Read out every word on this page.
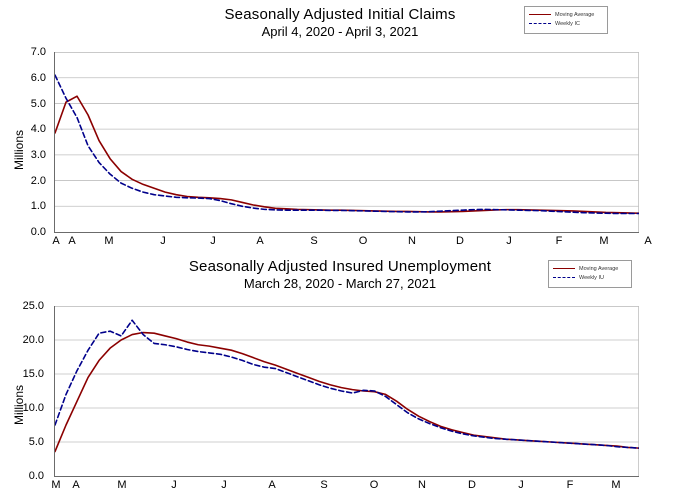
Seasonally Adjusted Initial Claims
April 4, 2020 - April 3, 2021
Moving Average
Weekly IC
Millions
7.0
6.0
5.0
4.0
3.0
2.0
1.0
0.0
A A	M	J	J	A	S	O	N	D	J	F	M	A
Seasonally Adjusted Insured Unemployment
March 28, 2020 - March 27, 2021
Moving Average
Weekly IU
Millions
25.0
20.0
15.0
10.0
5.0
0.0
M	A	M	J	J	A	S	O	N	D	J	F	M
